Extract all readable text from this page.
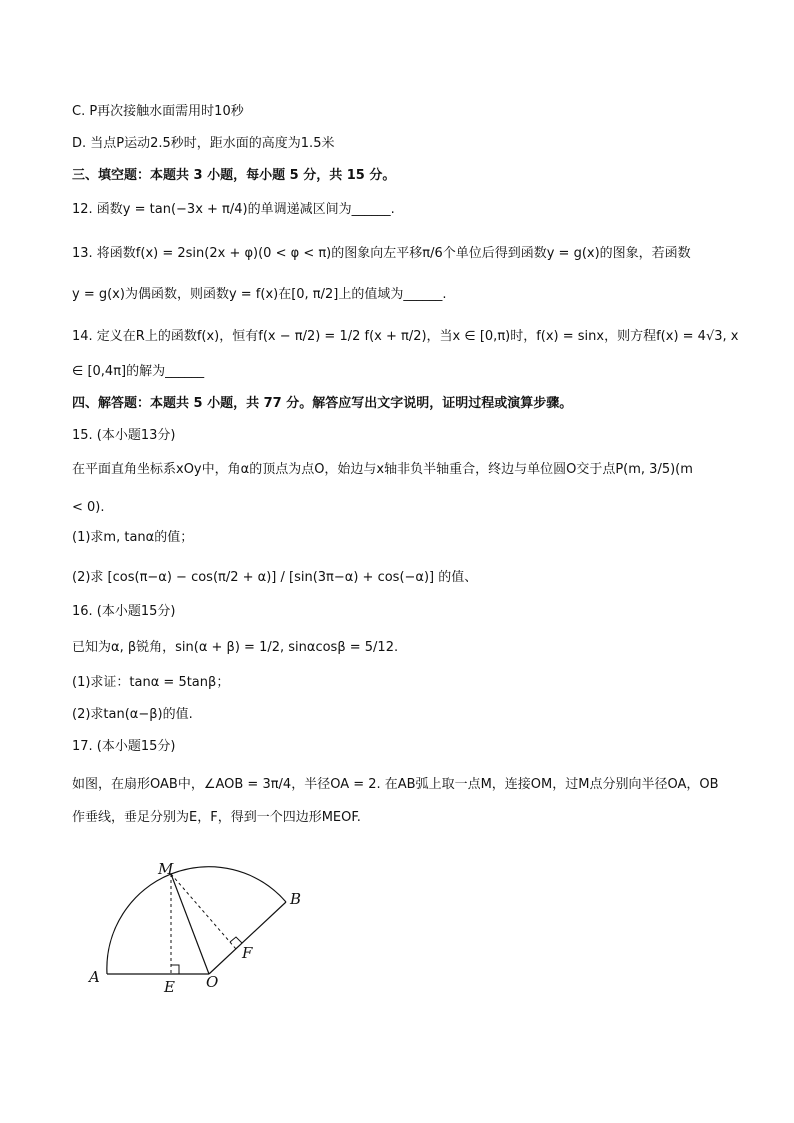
C. P再次接触水面需用时10秒
D. 当点P运动2.5秒时，距水面的高度为1.5米
三、填空题：本题共 3 小题，每小题 5 分，共 15 分。
12. 函数y = tan(−3x + π/4)的单调递减区间为______.
13. 将函数f(x) = 2sin(2x + φ)(0 < φ < π)的图象向左平移π/6个单位后得到函数y = g(x)的图象，若函数
y = g(x)为偶函数，则函数y = f(x)在[0, π/2]上的值域为______.
14. 定义在R上的函数f(x)，恒有f(x − π/2) = 1/2 f(x + π/2)，当x ∈ [0,π)时，f(x) = sinx，则方程f(x) = 4√3, x
∈ [0,4π]的解为______
四、解答题：本题共 5 小题，共 77 分。解答应写出文字说明，证明过程或演算步骤。
15. (本小题13分)
在平面直角坐标系xOy中，角α的顶点为点O，始边与x轴非负半轴重合，终边与单位圆O交于点P(m, 3/5)(m
< 0).
(1)求m, tanα的值；
(2)求 [cos(π−α) − cos(π/2 + α)] / [sin(3π−α) + cos(−α)] 的值、
16. (本小题15分)
已知为α, β锐角，sin(α + β) = 1/2, sinαcosβ = 5/12.
(1)求证：tanα = 5tanβ；
(2)求tan(α−β)的值.
17. (本小题15分)
如图，在扇形OAB中，∠AOB = 3π/4，半径OA = 2. 在AB弧上取一点M，连接OM，过M点分别向半径OA，OB
作垂线，垂足分别为E，F，得到一个四边形MEOF.
M
B
F
A
E O
